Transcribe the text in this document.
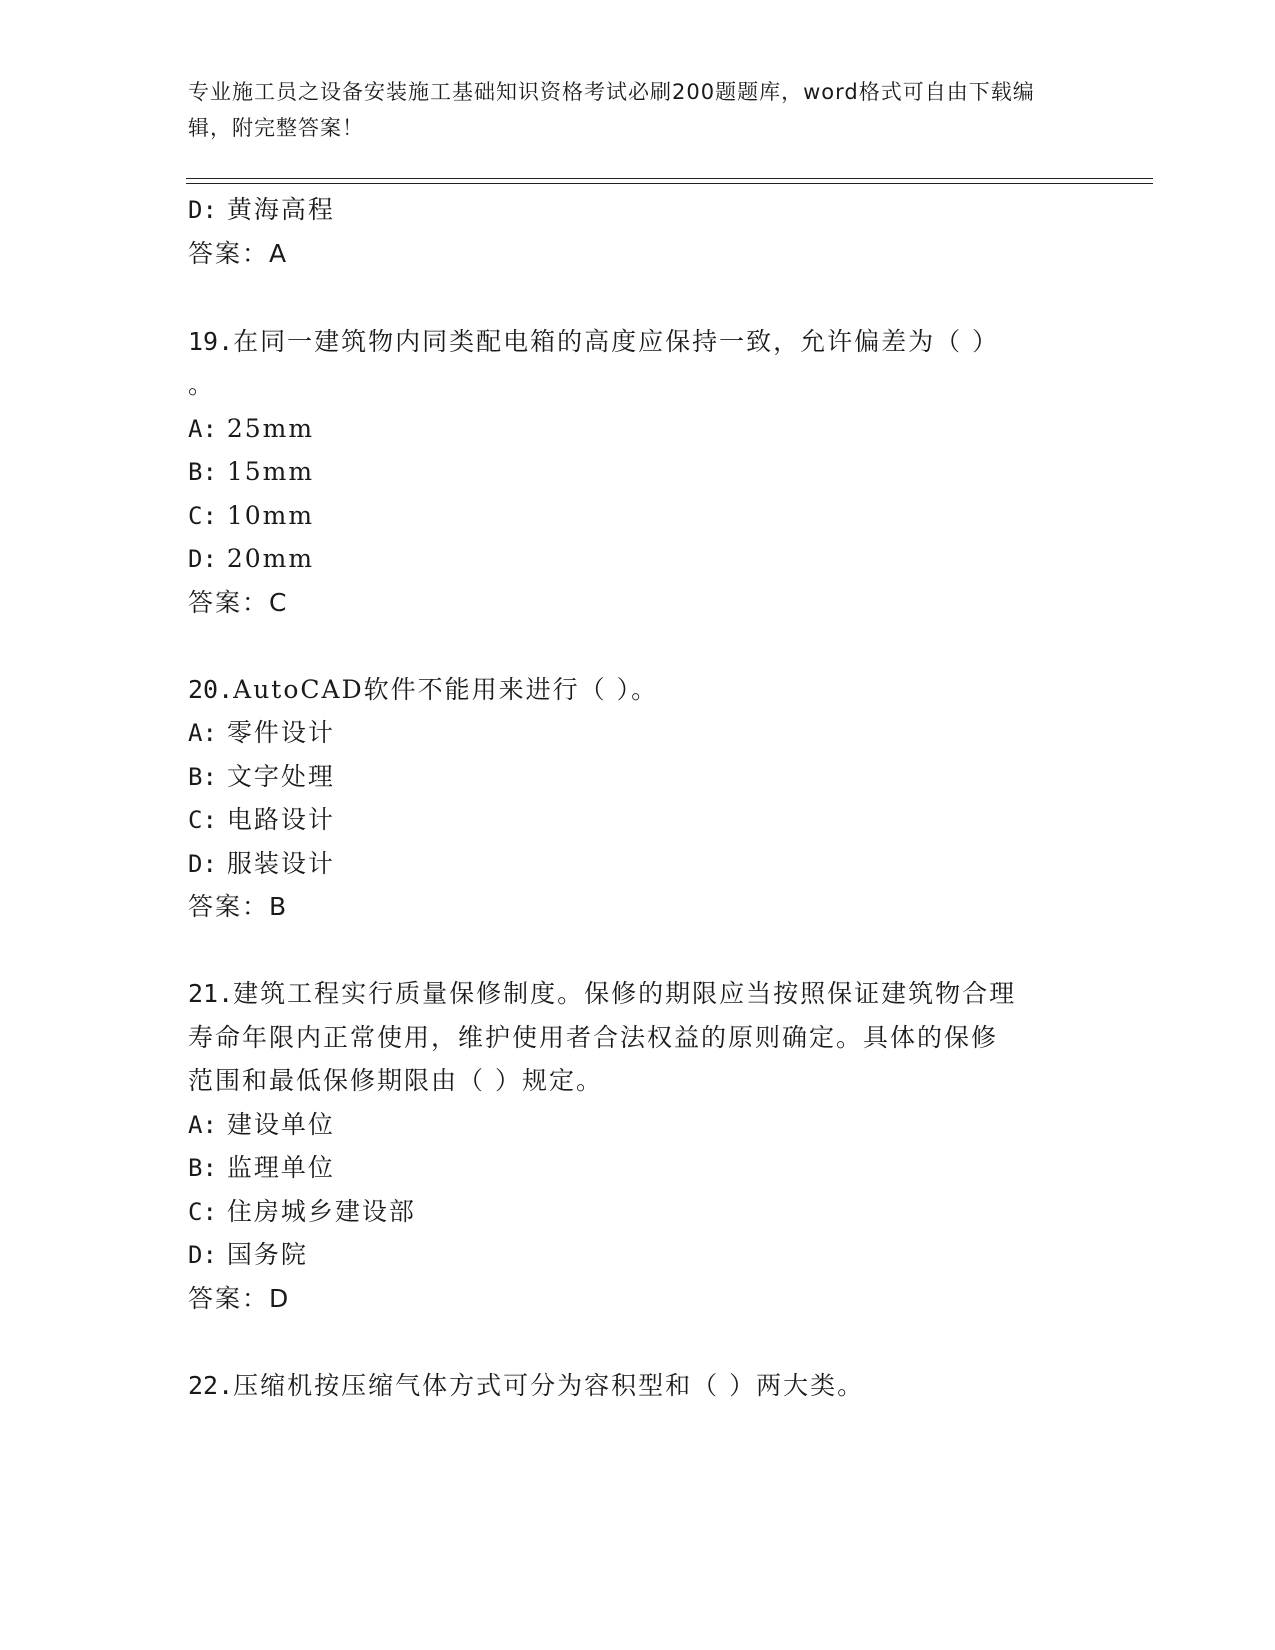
专业施工员之设备安装施工基础知识资格考试必刷200题题库，word格式可自由下载编辑，附完整答案！
D: 黄海高程
答案：A
19.在同一建筑物内同类配电箱的高度应保持一致，允许偏差为（ ）
。
A: 25mm
B: 15mm
C: 10mm
D: 20mm
答案：C
20.AutoCAD软件不能用来进行（ ）。
A: 零件设计
B: 文字处理
C: 电路设计
D: 服装设计
答案：B
21.建筑工程实行质量保修制度。保修的期限应当按照保证建筑物合理
寿命年限内正常使用，维护使用者合法权益的原则确定。具体的保修
范围和最低保修期限由（ ）规定。
A: 建设单位
B: 监理单位
C: 住房城乡建设部
D: 国务院
答案：D
22.压缩机按压缩气体方式可分为容积型和（ ）两大类。
